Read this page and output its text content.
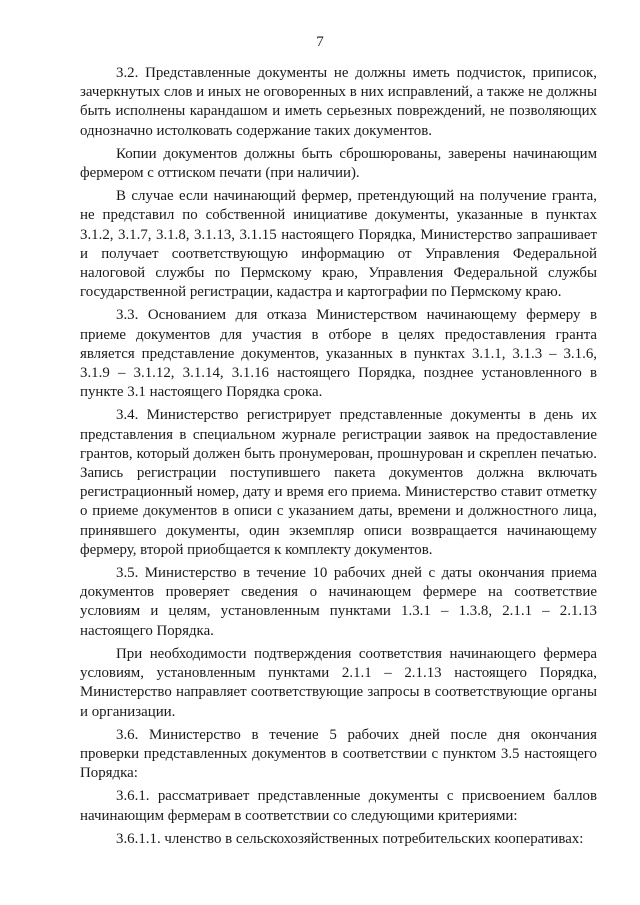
7

3.2. Представленные документы не должны иметь подчисток, приписок, зачеркнутых слов и иных не оговоренных в них исправлений, а также не должны быть исполнены карандашом и иметь серьезных повреждений, не позволяющих однозначно истолковать содержание таких документов.

Копии документов должны быть сброшюрованы, заверены начинающим фермером с оттиском печати (при наличии).

В случае если начинающий фермер, претендующий на получение гранта, не представил по собственной инициативе документы, указанные в пунктах 3.1.2, 3.1.7, 3.1.8, 3.1.13, 3.1.15 настоящего Порядка, Министерство запрашивает и получает соответствующую информацию от Управления Федеральной налоговой службы по Пермскому краю, Управления Федеральной службы государственной регистрации, кадастра и картографии по Пермскому краю.

3.3. Основанием для отказа Министерством начинающему фермеру в приеме документов для участия в отборе в целях предоставления гранта является представление документов, указанных в пунктах 3.1.1, 3.1.3 – 3.1.6, 3.1.9 – 3.1.12, 3.1.14, 3.1.16 настоящего Порядка, позднее установленного в пункте 3.1 настоящего Порядка срока.

3.4. Министерство регистрирует представленные документы в день их представления в специальном журнале регистрации заявок на предоставление грантов, который должен быть пронумерован, прошнурован и скреплен печатью. Запись регистрации поступившего пакета документов должна включать регистрационный номер, дату и время его приема. Министерство ставит отметку о приеме документов в описи с указанием даты, времени и должностного лица, принявшего документы, один экземпляр описи возвращается начинающему фермеру, второй приобщается к комплекту документов.

3.5. Министерство в течение 10 рабочих дней с даты окончания приема документов проверяет сведения о начинающем фермере на соответствие условиям и целям, установленным пунктами 1.3.1 – 1.3.8, 2.1.1 – 2.1.13 настоящего Порядка.

При необходимости подтверждения соответствия начинающего фермера условиям, установленным пунктами 2.1.1 – 2.1.13 настоящего Порядка, Министерство направляет соответствующие запросы в соответствующие органы и организации.

3.6. Министерство в течение 5 рабочих дней после дня окончания проверки представленных документов в соответствии с пунктом 3.5 настоящего Порядка:

3.6.1. рассматривает представленные документы с присвоением баллов начинающим фермерам в соответствии со следующими критериями:

3.6.1.1. членство в сельскохозяйственных потребительских кооперативах:
